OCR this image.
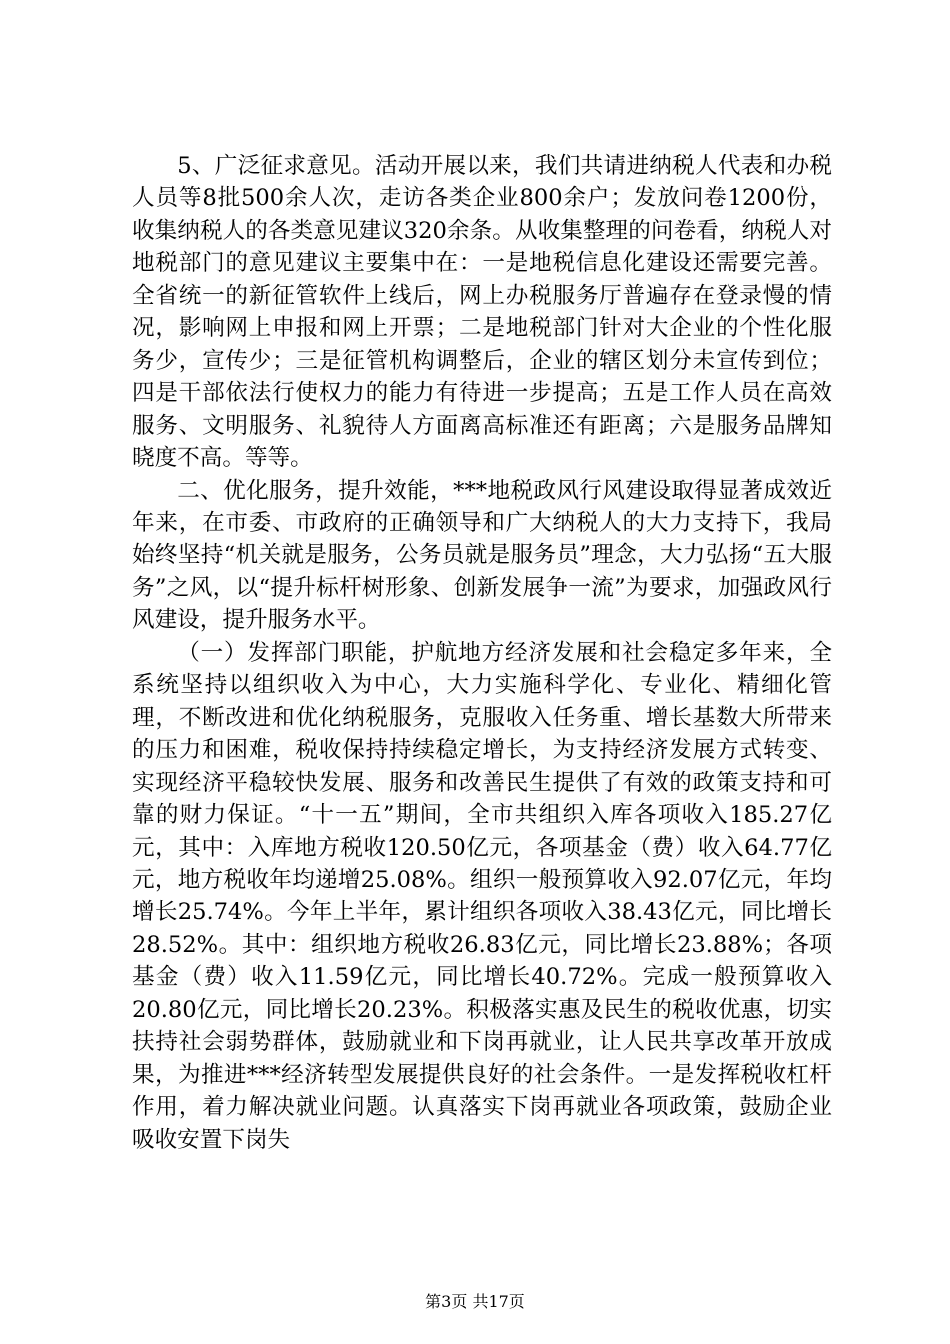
5、广泛征求意见。活动开展以来，我们共请进纳税人代表和办税人员等8批500余人次，走访各类企业800余户；发放问卷1200份，收集纳税人的各类意见建议320余条。从收集整理的问卷看，纳税人对地税部门的意见建议主要集中在：一是地税信息化建设还需要完善。全省统一的新征管软件上线后，网上办税服务厅普遍存在登录慢的情况，影响网上申报和网上开票；二是地税部门针对大企业的个性化服务少，宣传少；三是征管机构调整后，企业的辖区划分未宣传到位；四是干部依法行使权力的能力有待进一步提高；五是工作人员在高效服务、文明服务、礼貌待人方面离高标准还有距离；六是服务品牌知晓度不高。等等。

二、优化服务，提升效能，***地税政风行风建设取得显著成效近年来，在市委、市政府的正确领导和广大纳税人的大力支持下，我局始终坚持“机关就是服务，公务员就是服务员”理念，大力弘扬“五大服务”之风，以“提升标杆树形象、创新发展争一流”为要求，加强政风行风建设，提升服务水平。

（一）发挥部门职能，护航地方经济发展和社会稳定多年来，全系统坚持以组织收入为中心，大力实施科学化、专业化、精细化管理，不断改进和优化纳税服务，克服收入任务重、增长基数大所带来的压力和困难，税收保持持续稳定增长，为支持经济发展方式转变、实现经济平稳较快发展、服务和改善民生提供了有效的政策支持和可靠的财力保证。“十一五”期间，全市共组织入库各项收入185.27亿元，其中：入库地方税收120.50亿元，各项基金（费）收入64.77亿元，地方税收年均递增25.08%。组织一般预算收入92.07亿元，年均增长25.74%。今年上半年，累计组织各项收入38.43亿元，同比增长28.52%。其中：组织地方税收26.83亿元，同比增长23.88%；各项基金（费）收入11.59亿元，同比增长40.72%。完成一般预算收入20.80亿元，同比增长20.23%。积极落实惠及民生的税收优惠，切实扶持社会弱势群体，鼓励就业和下岗再就业，让人民共享改革开放成果，为推进***经济转型发展提供良好的社会条件。一是发挥税收杠杆作用，着力解决就业问题。认真落实下岗再就业各项政策，鼓励企业吸收安置下岗失

第3页 共17页
